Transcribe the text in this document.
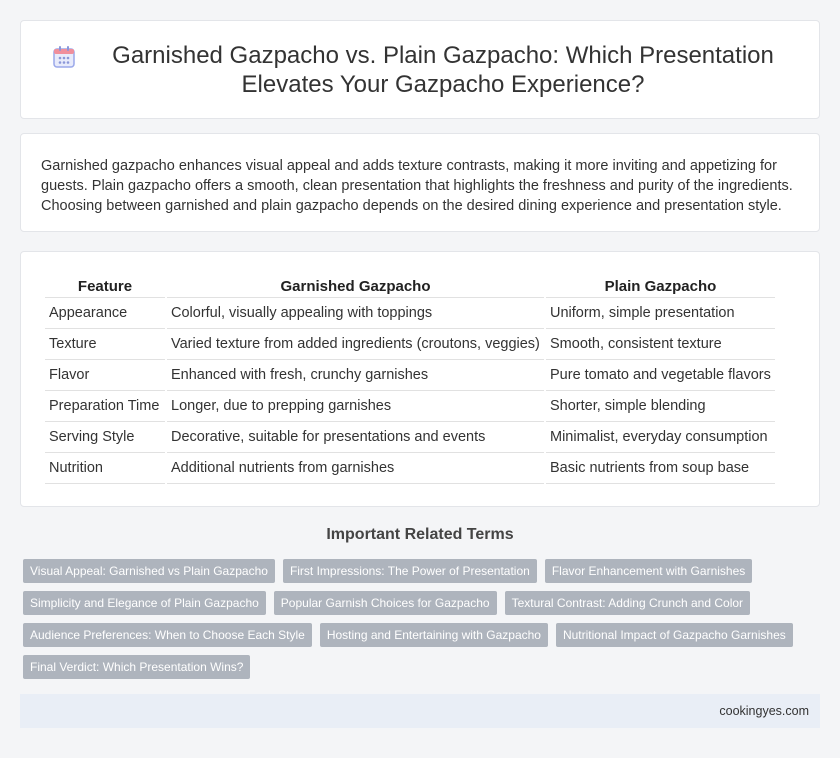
Garnished Gazpacho vs. Plain Gazpacho: Which Presentation Elevates Your Gazpacho Experience?

Garnished gazpacho enhances visual appeal and adds texture contrasts, making it more inviting and appetizing for guests. Plain gazpacho offers a smooth, clean presentation that highlights the freshness and purity of the ingredients. Choosing between garnished and plain gazpacho depends on the desired dining experience and presentation style.

Feature	Garnished Gazpacho	Plain Gazpacho
Appearance	Colorful, visually appealing with toppings	Uniform, simple presentation
Texture	Varied texture from added ingredients (croutons, veggies)	Smooth, consistent texture
Flavor	Enhanced with fresh, crunchy garnishes	Pure tomato and vegetable flavors
Preparation Time	Longer, due to prepping garnishes	Shorter, simple blending
Serving Style	Decorative, suitable for presentations and events	Minimalist, everyday consumption
Nutrition	Additional nutrients from garnishes	Basic nutrients from soup base
Important Related Terms
Visual Appeal: Garnished vs Plain Gazpacho	First Impressions: The Power of Presentation	Flavor Enhancement with Garnishes
Simplicity and Elegance of Plain Gazpacho	Popular Garnish Choices for Gazpacho	Textural Contrast: Adding Crunch and Color
Audience Preferences: When to Choose Each Style	Hosting and Entertaining with Gazpacho	Nutritional Impact of Gazpacho Garnishes
Final Verdict: Which Presentation Wins?
cookingyes.com
